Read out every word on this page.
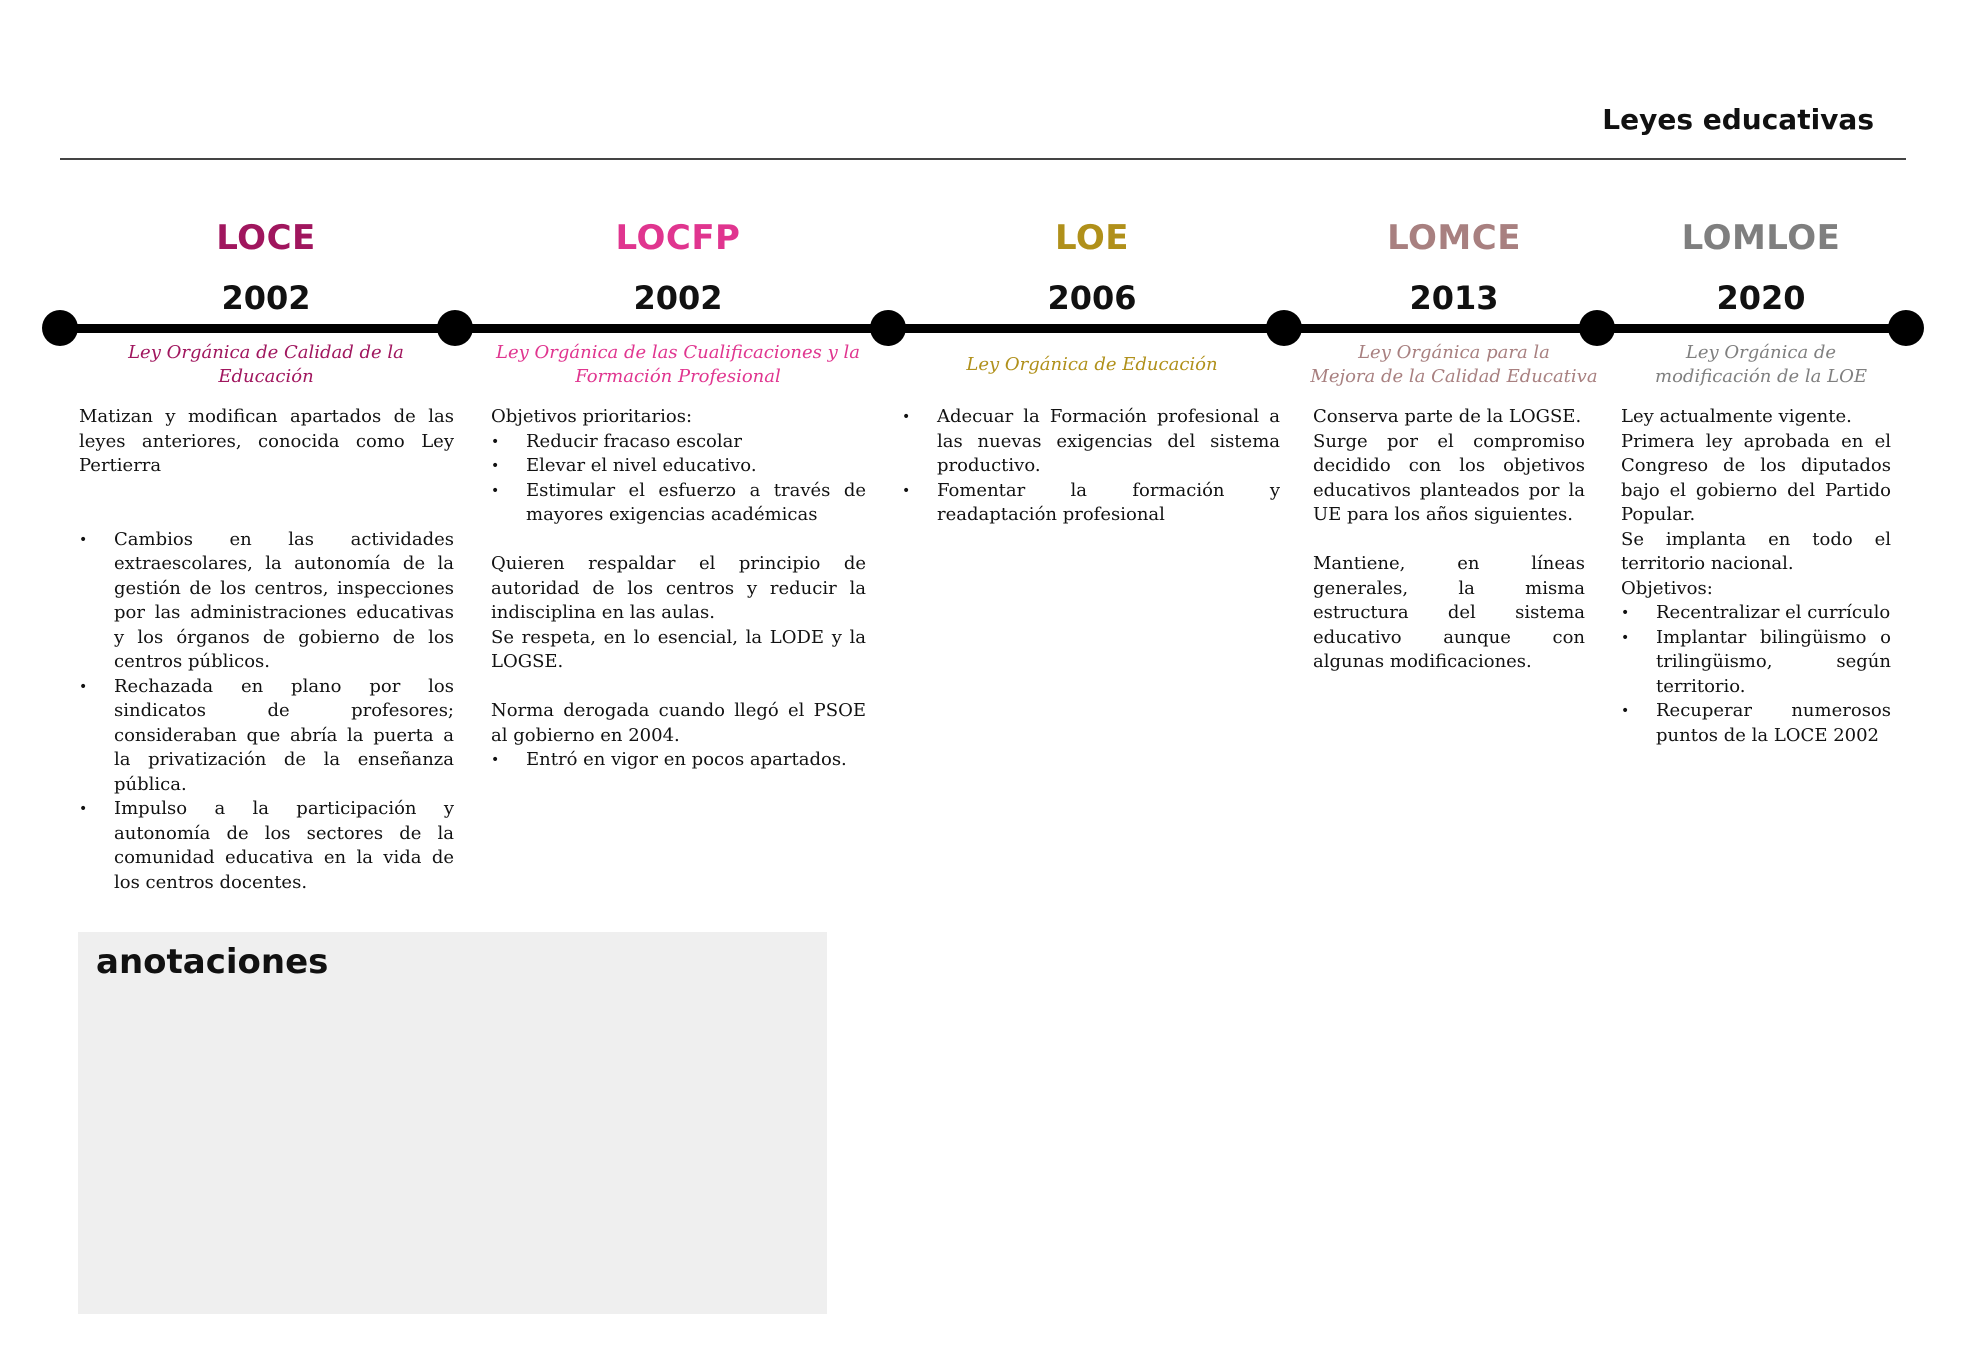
Leyes educativas
LOCE
2002
Ley Orgánica de Calidad de la Educación

Matizan y modifican apartados de las leyes anteriores, conocida como Ley Pertierra

•	Cambios en las actividades extraescolares, la autonomía de la gestión de los centros, inspecciones por las administraciones educativas y los órganos de gobierno de los centros públicos.
•	Rechazada en plano por los sindicatos de profesores; consideraban que abría la puerta a la privatización de la enseñanza pública.
•	Impulso a la participación y autonomía de los sectores de la comunidad educativa en la vida de los centros docentes.
LOCFP
2002
Ley Orgánica de las Cualificaciones y la
Formación Profesional

Objetivos prioritarios:

•	Reducir fracaso escolar
•	Elevar el nivel educativo.
•	Estimular el esfuerzo a través de mayores exigencias académicas

Quieren respaldar el principio de autoridad de los centros y reducir la indisciplina en las aulas.

Se respeta, en lo esencial, la LODE y la LOGSE.

Norma derogada cuando llegó el PSOE al gobierno en 2004.

•	Entró en vigor en pocos apartados.
LOE
2006
Ley Orgánica de Educación
•	Adecuar la Formación profesional a las nuevas exigencias del sistema productivo.
•	Fomentar la formación y readaptación profesional
LOMCE
2013
Ley Orgánica para la
Mejora de la Calidad Educativa

Conserva parte de la LOGSE.

Surge por el compromiso decidido con los objetivos educativos planteados por la UE para los años siguientes.

Mantiene, en líneas generales, la misma estructura del sistema educativo aunque con algunas modificaciones.

LOMLOE
2020
Ley Orgánica de
modificación de la LOE

Ley actualmente vigente.

Primera ley aprobada en el Congreso de los diputados bajo el gobierno del Partido Popular.

Se implanta en todo el territorio nacional.

Objetivos:

•	Recentralizar el currículo
•	Implantar bilingüismo o trilingüismo, según territorio.
•	Recuperar numerosos puntos de la LOCE 2002
anotaciones
